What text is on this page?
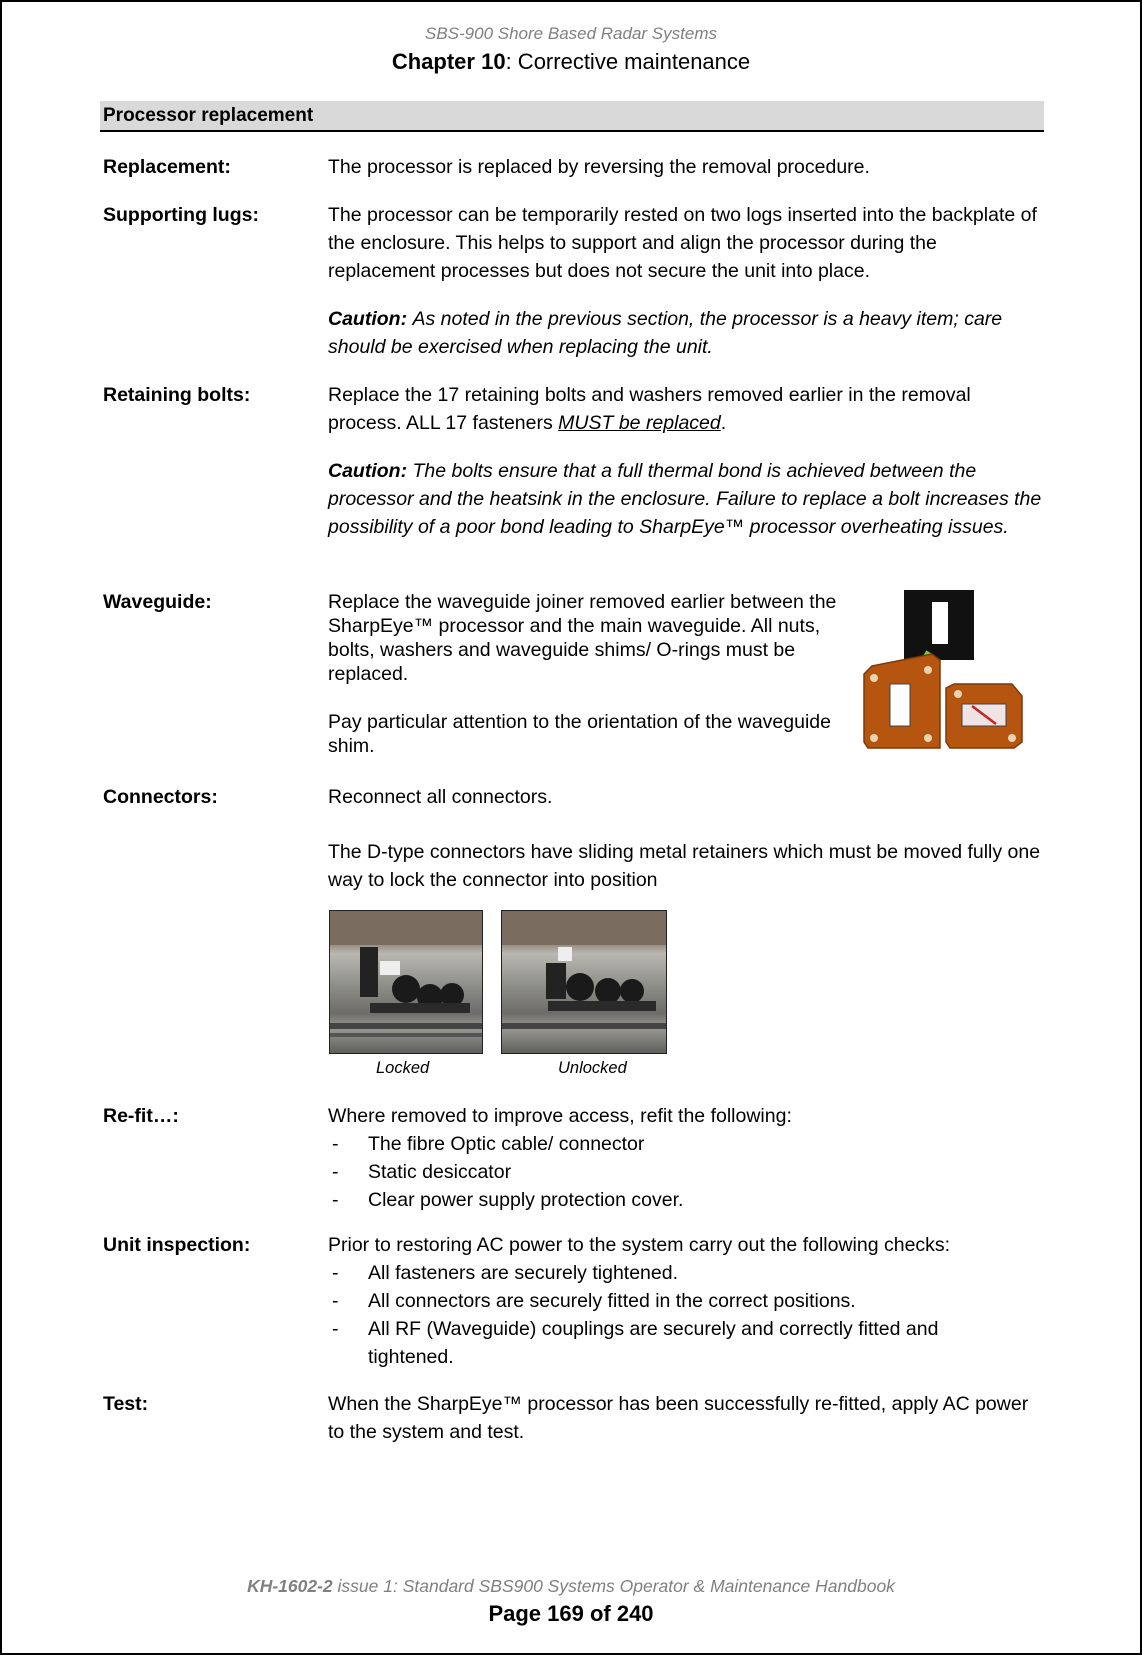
SBS-900 Shore Based Radar Systems
Chapter 10: Corrective maintenance
Processor replacement
Replacement:	The processor is replaced by reversing the removal procedure.
Supporting lugs:	The processor can be temporarily rested on two logs inserted into the backplate of the enclosure. This helps to support and align the processor during the replacement processes but does not secure the unit into place.
Caution: As noted in the previous section, the processor is a heavy item; care should be exercised when replacing the unit.
Retaining bolts:	Replace the 17 retaining bolts and washers removed earlier in the removal process. ALL 17 fasteners MUST be replaced.
Caution: The bolts ensure that a full thermal bond is achieved between the processor and the heatsink in the enclosure. Failure to replace a bolt increases the possibility of a poor bond leading to SharpEye™ processor overheating issues.
Waveguide:	Replace the waveguide joiner removed earlier between the SharpEye™ processor and the main waveguide. All nuts, bolts, washers and waveguide shims/ O-rings must be replaced.
Pay particular attention to the orientation of the waveguide shim.
Connectors:	Reconnect all connectors.
The D-type connectors have sliding metal retainers which must be moved fully one way to lock the connector into position
Locked	Unlocked
Re-fit…:	Where removed to improve access, refit the following:
- The fibre Optic cable/ connector
- Static desiccator
- Clear power supply protection cover.
Unit inspection:	Prior to restoring AC power to the system carry out the following checks:
- All fasteners are securely tightened.
- All connectors are securely fitted in the correct positions.
- All RF (Waveguide) couplings are securely and correctly fitted and tightened.
Test:	When the SharpEye™ processor has been successfully re-fitted, apply AC power to the system and test.
KH-1602-2 issue 1: Standard SBS900 Systems Operator & Maintenance Handbook
Page 169 of 240
